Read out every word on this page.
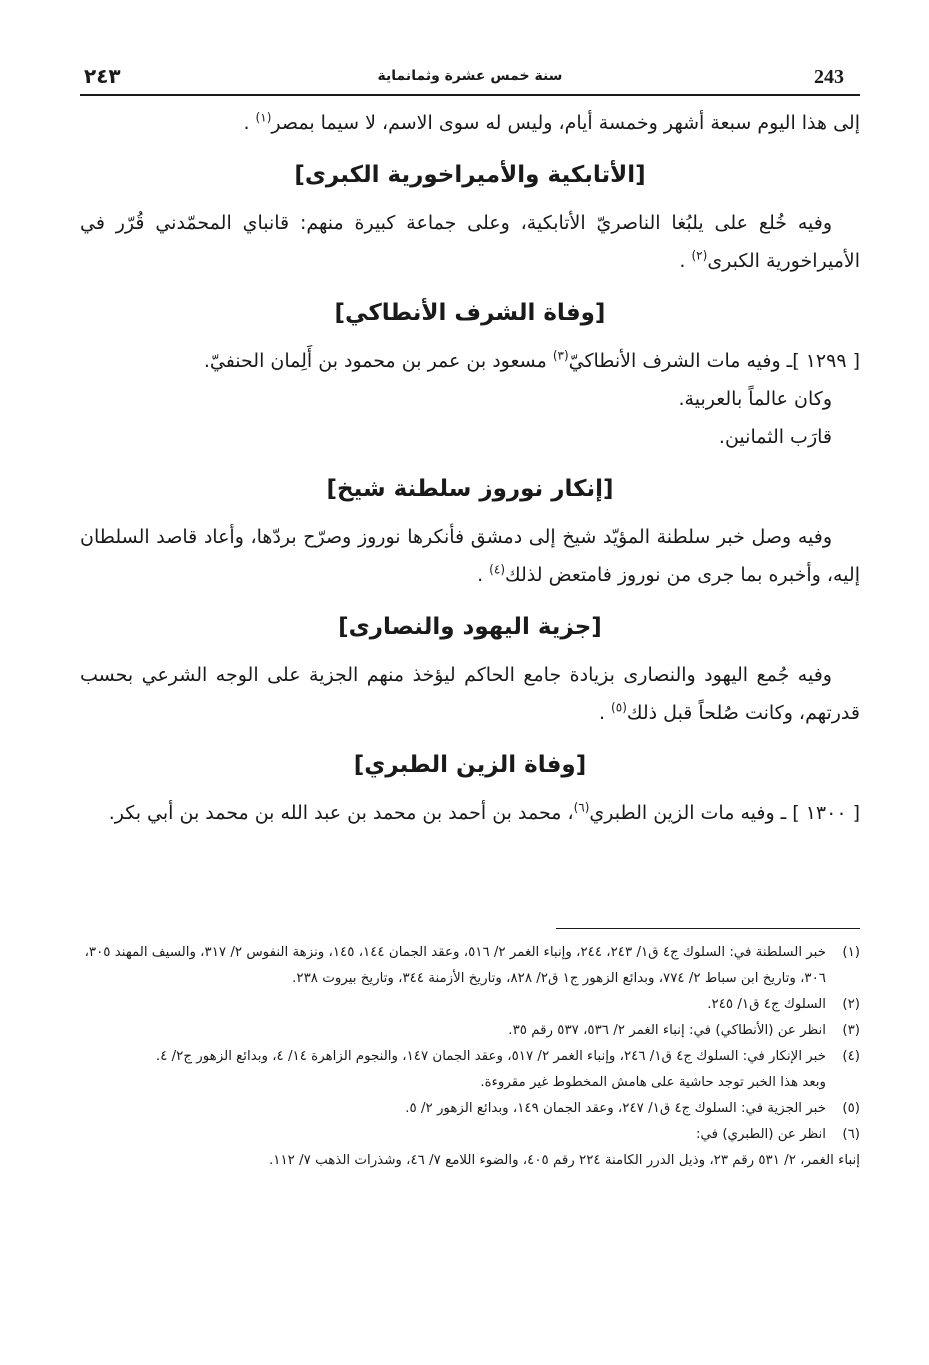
243
سنة خمس عشرة وثمانماية
٢٤٣

إلى هذا اليوم سبعة أشهر وخمسة أيام، وليس له سوى الاسم، لا سيما بمصر$^{(١)}$ .

[الأتابكية والأميراخورية الكبرى]

وفيه خُلع على يلبُغا الناصريّ الأتابكية، وعلى جماعة كبيرة منهم: قانباي المحمّدني قُرّر في الأميراخورية الكبرى$^{(٢)}$ .

[وفاة الشرف الأنطاكي]

[ ١٢٩٩ ]ـ وفيه مات الشرف الأنطاكيّ$^{(٣)}$ مسعود بن عمر بن محمود بن أَلِمان الحنفيّ.

وكان عالماً بالعربية.

قارَب الثمانين.

[إنكار نوروز سلطنة شيخ]

وفيه وصل خبر سلطنة المؤيّد شيخ إلى دمشق فأنكرها نوروز وصرّح بردّها، وأعاد قاصد السلطان إليه، وأخبره بما جرى من نوروز فامتعض لذلك$^{(٤)}$ .

[جزية اليهود والنصارى]

وفيه جُمع اليهود والنصارى بزيادة جامع الحاكم ليؤخذ منهم الجزية على الوجه الشرعي بحسب قدرتهم، وكانت صُلحاً قبل ذلك$^{(٥)}$ .

[وفاة الزين الطبري]

[ ١٣٠٠ ] ـ وفيه مات الزين الطبري$^{(٦)}$، محمد بن أحمد بن محمد بن عبد الله بن محمد بن أبي بكر.

(١)
خبر السلطنة في: السلوك ج٤ ق١/ ٢٤٣، ٢٤٤، وإنباء الغمر ٢/ ٥١٦، وعقد الجمان ١٤٤، ١٤٥، ونزهة النفوس ٢/ ٣١٧، والسيف المهند ٣٠٥، ٣٠٦، وتاريخ ابن سباط ٢/ ٧٧٤، وبدائع الزهور ج١ ق٢/ ٨٢٨، وتاريخ الأزمنة ٣٤٤، وتاريخ بيروت ٢٣٨.

(٢)
السلوك ج٤ ق١/ ٢٤٥.

(٣)
انظر عن (الأنطاكي) في: إنباء الغمر ٢/ ٥٣٦، ٥٣٧ رقم ٣٥.

(٤)
خبر الإنكار في: السلوك ج٤ ق١/ ٢٤٦، وإنباء الغمر ٢/ ٥١٧، وعقد الجمان ١٤٧، والنجوم الزاهرة ١٤/ ٤، وبدائع الزهور ج٢/ ٤.

وبعد هذا الخبر توجد حاشية على هامش المخطوط غير مقروءة.

(٥)
خبر الجزية في: السلوك ج٤ ق١/ ٢٤٧، وعقد الجمان ١٤٩، وبدائع الزهور ٢/ ٥.

(٦)
انظر عن (الطبري) في:

إنباء الغمر، ٢/ ٥٣١ رقم ٢٣، وذيل الدرر الكامنة ٢٢٤ رقم ٤٠٥، والضوء اللامع ٧/ ٤٦، وشذرات الذهب ٧/ ١١٢.
